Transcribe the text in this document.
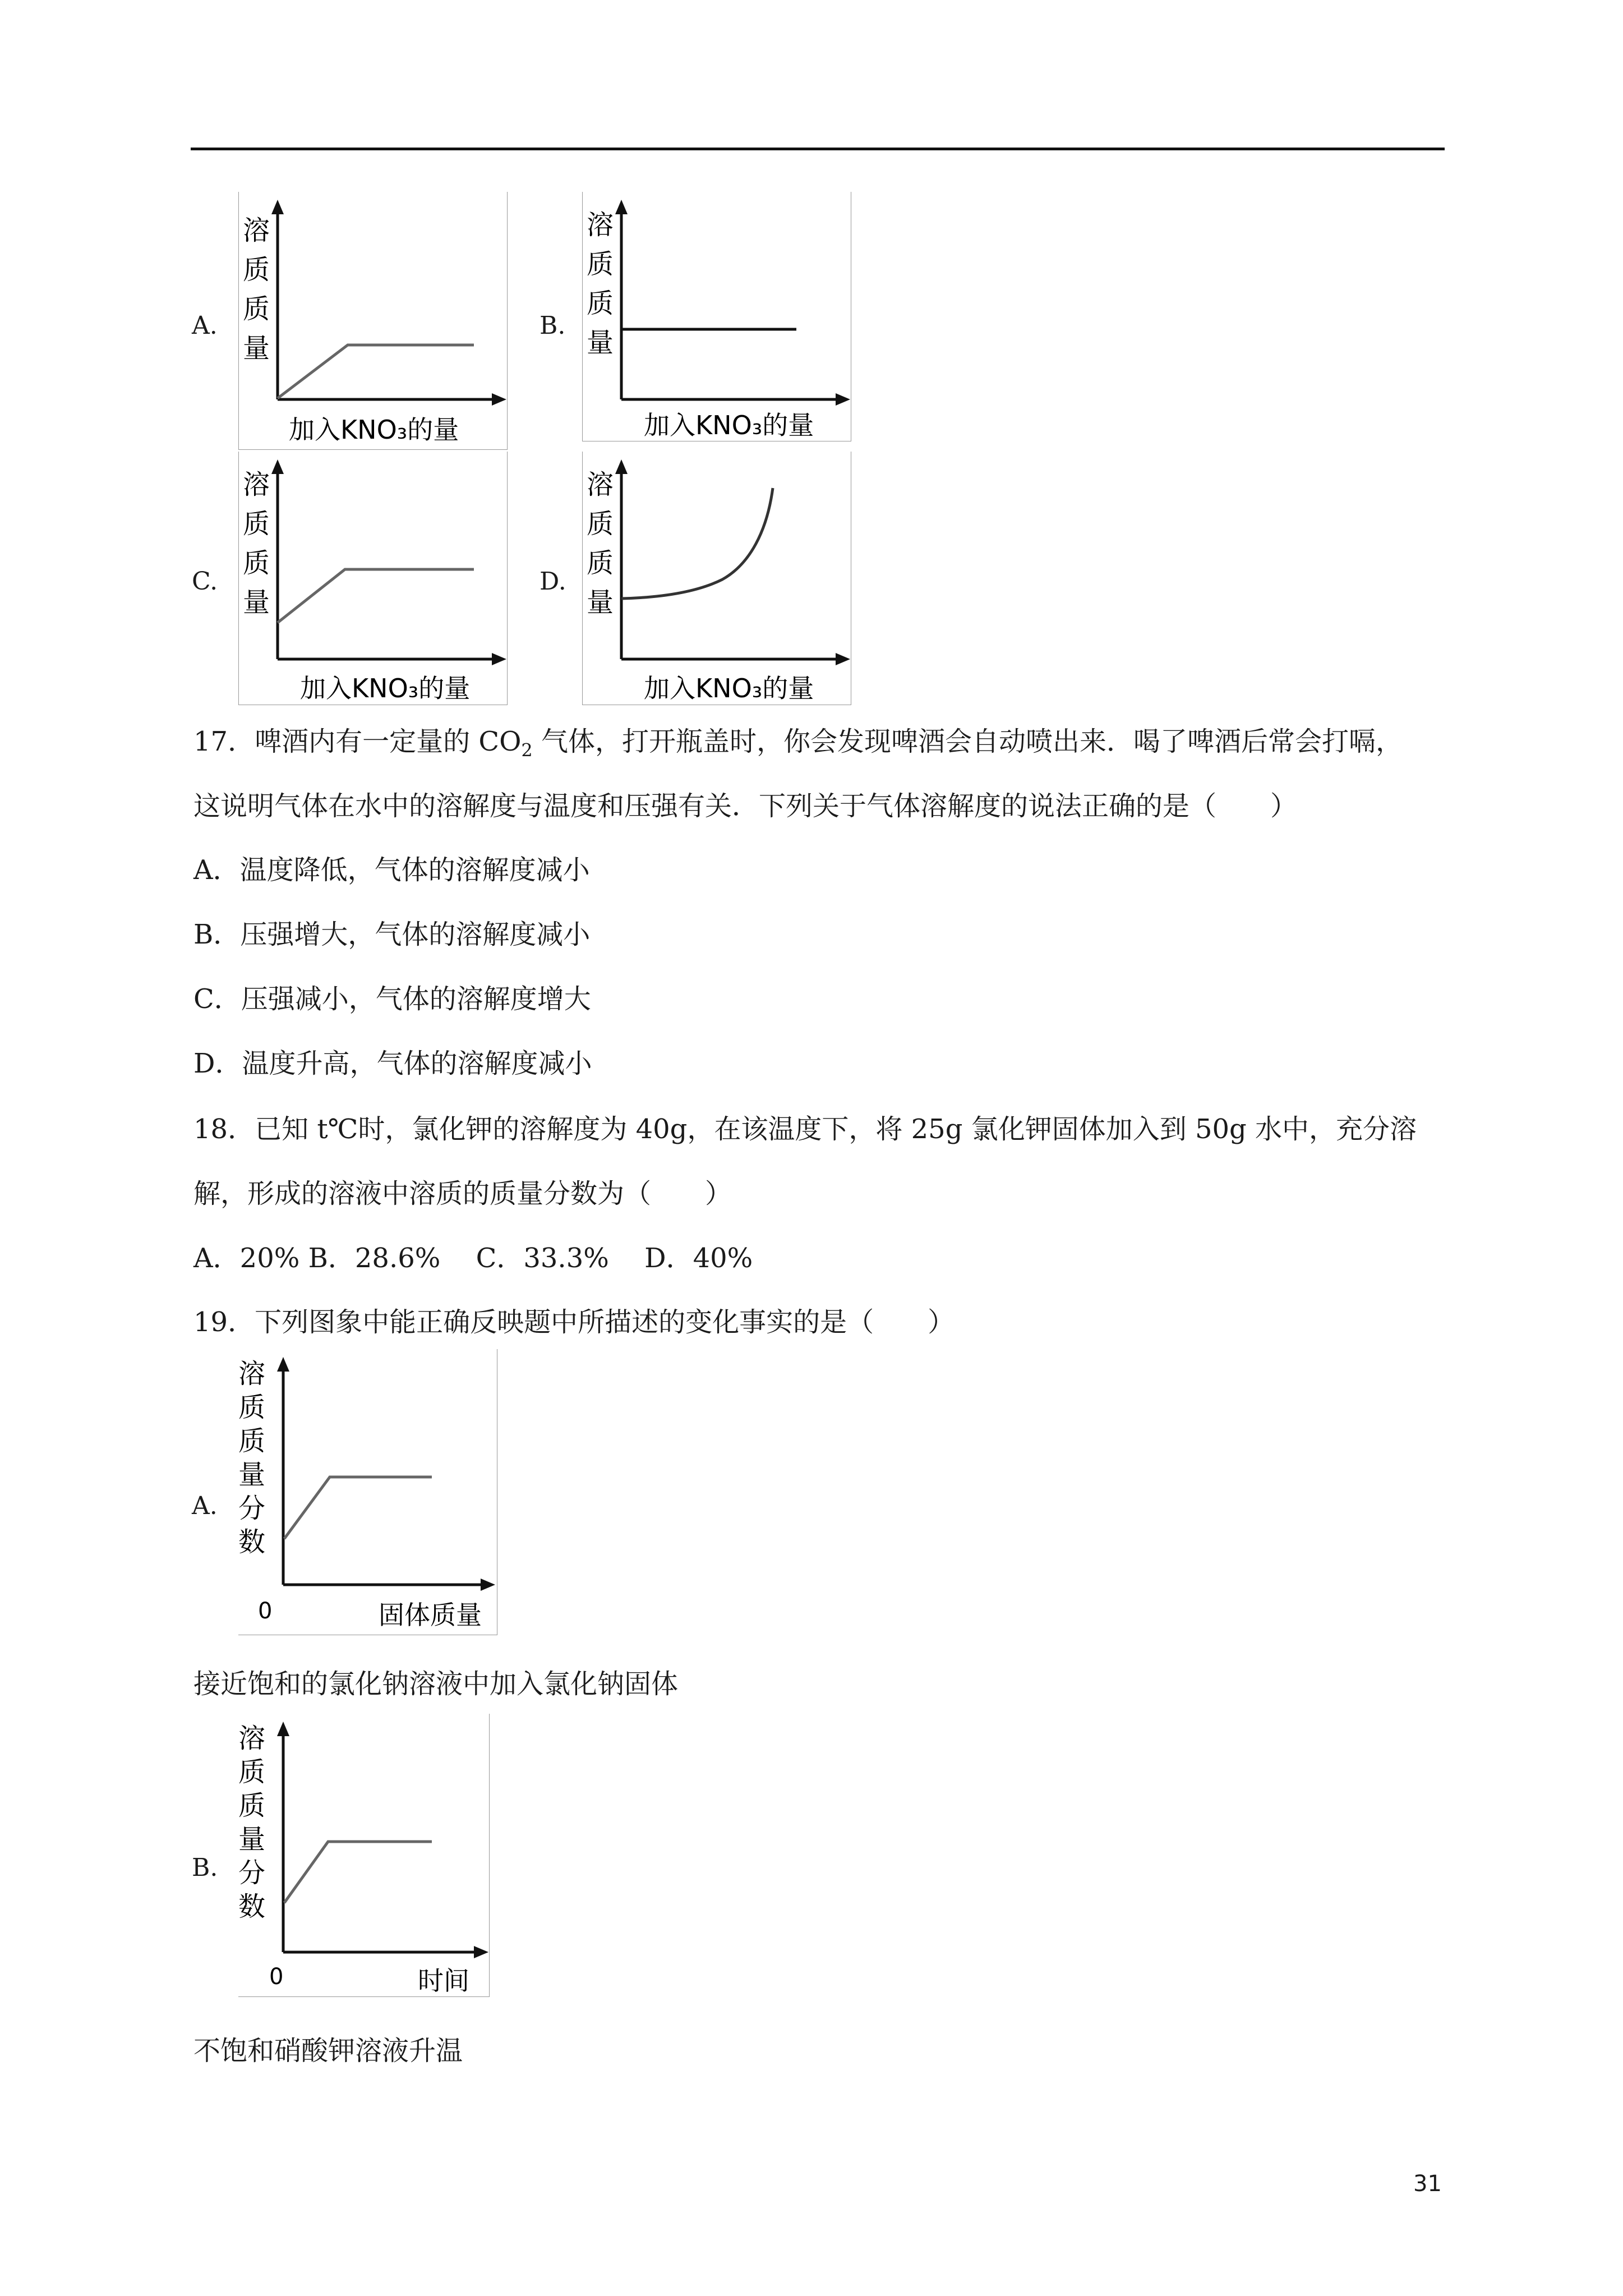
A.
溶
质
质
量
加入KNO₃的量
B.
溶
质
质
量
加入KNO₃的量
C.
溶
质
质
量
加入KNO₃的量
D.
溶
质
质
量
加入KNO₃的量
17．啤酒内有一定量的 $CO_2$ 气体，打开瓶盖时，你会发现啤酒会自动喷出来．喝了啤酒后常会打嗝，
这说明气体在水中的溶解度与温度和压强有关．下列关于气体溶解度的说法正确的是（　　）
A．温度降低，气体的溶解度减小
B．压强增大，气体的溶解度减小
C．压强减小，气体的溶解度增大
D．温度升高，气体的溶解度减小
18．已知 t℃时，氯化钾的溶解度为 40g，在该温度下，将 25g 氯化钾固体加入到 50g 水中，充分溶
解，形成的溶液中溶质的质量分数为（　　）
A．20% B．28.6%　 C．33.3%　 D．40%
19．下列图象中能正确反映题中所描述的变化事实的是（　　）
A.
溶
质
质
量
分
数
0	固体质量
接近饱和的氯化钠溶液中加入氯化钠固体
B.
溶
质
质
量
分
数
0	时间
不饱和硝酸钾溶液升温
31
